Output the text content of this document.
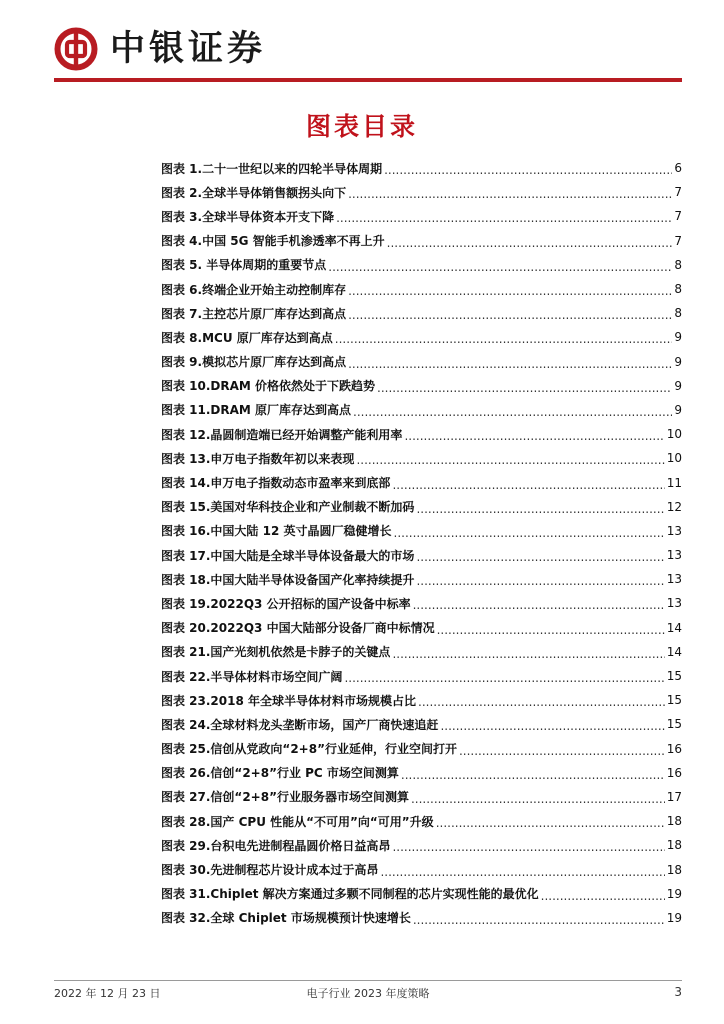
中银证券
图表目录
图表 1.二十一世纪以来的四轮半导体周期 .....	6
图表 2.全球半导体销售额拐头向下 .....	7
图表 3.全球半导体资本开支下降 .....	7
图表 4.中国 5G 智能手机渗透率不再上升 .....	7
图表 5. 半导体周期的重要节点 .....	8
图表 6.终端企业开始主动控制库存 .....	8
图表 7.主控芯片原厂库存达到高点 .....	8
图表 8.MCU 原厂库存达到高点 .....	9
图表 9.模拟芯片原厂库存达到高点 .....	9
图表 10.DRAM 价格依然处于下跌趋势 .....	9
图表 11.DRAM 原厂库存达到高点 .....	9
图表 12.晶圆制造端已经开始调整产能利用率 .....	10
图表 13.申万电子指数年初以来表现 .....	10
图表 14.申万电子指数动态市盈率来到底部 .....	11
图表 15.美国对华科技企业和产业制裁不断加码 .....	12
图表 16.中国大陆 12 英寸晶圆厂稳健增长 .....	13
图表 17.中国大陆是全球半导体设备最大的市场 .....	13
图表 18.中国大陆半导体设备国产化率持续提升 .....	13
图表 19.2022Q3 公开招标的国产设备中标率 .....	13
图表 20.2022Q3 中国大陆部分设备厂商中标情况 .....	14
图表 21.国产光刻机依然是卡脖子的关键点 .....	14
图表 22.半导体材料市场空间广阔 .....	15
图表 23.2018 年全球半导体材料市场规模占比 .....	15
图表 24.全球材料龙头垄断市场，国产厂商快速追赶 .....	15
图表 25.信创从党政向“2+8”行业延伸，行业空间打开 .....	16
图表 26.信创“2+8”行业 PC 市场空间测算 .....	16
图表 27.信创“2+8”行业服务器市场空间测算 .....	17
图表 28.国产 CPU 性能从“不可用”向“可用”升级 .....	18
图表 29.台积电先进制程晶圆价格日益高昂 .....	18
图表 30.先进制程芯片设计成本过于高昂 .....	18
图表 31.Chiplet 解决方案通过多颗不同制程的芯片实现性能的最优化 .....	19
图表 32.全球 Chiplet 市场规模预计快速增长 .....	19
2022 年 12 月 23 日	电子行业 2023 年度策略	3
